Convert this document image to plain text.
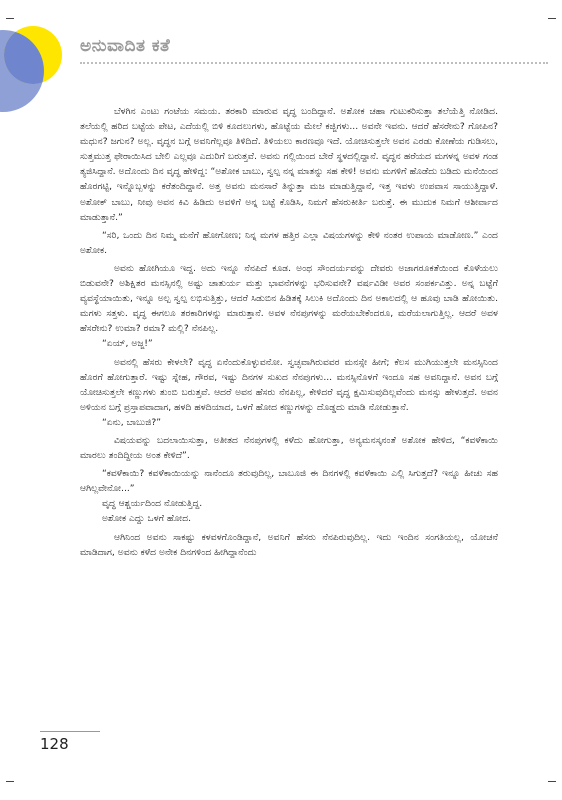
ಅನುವಾದಿತ ಕತೆ

ಬೆಳಗಿನ ಎಂಟು ಗಂಟೆಯ ಸಮಯ. ತರಕಾರಿ ಮಾರುವ ವೃದ್ಧ ಬಂದಿದ್ದಾನೆ. ಅಶೋಕ ಚಹಾ ಗುಟುಕರಿಸುತ್ತಾ ತಲೆಯೆತ್ತಿ ನೋಡಿದ. ತಲೆಯಲ್ಲಿ ಹರಿದ ಬಟ್ಟೆಯ ಪೇಟ, ಎದೆಯಲ್ಲಿ ಬಿಳಿ ಕೂದಲುಗಳು, ಹೊಟ್ಟೆಯ ಮೇಲೆ ಕಜ್ಜಿಗಳು... ಅವನೇ ಇವನು. ಆದರೆ ಹೆಸರೇನು? ಗೋಪಿನ? ಮಧುನ? ಜಗುನ? ಅಲ್ಲ. ವೃದ್ಧನ ಬಗ್ಗೆ ಅವನಿಗೆಲ್ಲವೂ ತಿಳಿದಿದೆ. ತಿಳಿಯಲು ಕಾರಣವೂ ಇದೆ. ಯೋಚಿಸುತ್ತಲೇ ಅವನ ಎರಡು ಕೋಣೆಯ ಗುಡಿಸಲು, ಸುತ್ತಮುತ್ತ ಫೇರಾಯಿಸಿದ ಬೇಲಿ ಎಲ್ಲವೂ ಎದುರಿಗೆ ಬರುತ್ತವೆ. ಅವನು ಗಲ್ಲಿಯಿಂದ ಬೇರೆ ಸ್ಥಳದಲ್ಲಿದ್ದಾನೆ. ವೃದ್ಧನ ಹರೆಯದ ಮಗಳನ್ನ ಅವಳ ಗಂಡ ತ್ಯಜಿಸಿದ್ದಾನೆ. ಅದೊಂದು ದಿನ ವೃದ್ಧ ಹೇಳಿದ್ದ: “ಅಶೋಕ ಬಾಬು, ಸ್ವಲ್ಪ ನನ್ನ ಮಾತನ್ನು ಸಹ ಕೇಳಿ! ಅವನು ಮಗಳಿಗೆ ಹೊಡೆದು ಬಡಿದು ಮನೆಯಿಂದ ಹೊರಗಟ್ಟಿ, ಇನ್ನೊಬ್ಬಳನ್ನು ಕರೆತಂದಿದ್ದಾನೆ. ಅತ್ತ ಅವನು ಮನಸಾರೆ ತಿನ್ನುತ್ತಾ ಮಜ ಮಾಡುತ್ತಿದ್ದಾನೆ, ಇತ್ತ ಇವಳು ಉಪವಾಸ ಸಾಯುತ್ತಿದ್ದಾಳೆ. ಅಶೋಕ್ ಬಾಬು, ನೀವು ಅವನ ಕಿವಿ ಹಿಡಿದು ಅವಳಿಗೆ ಅನ್ನ ಬಟ್ಟೆ ಕೊಡಿಸಿ, ನಿಮಗೆ ಹೆಸರುಕೀರ್ತಿ ಬರುತ್ತೆ. ಈ ಮುದುಕ ನಿಮಗೆ ಆಶೀರ್ವಾದ ಮಾಡುತ್ತಾನೆ.”

“ಸರಿ, ಒಂದು ದಿನ ನಿಮ್ಮ ಮನೆಗೆ ಹೋಗೋಣ; ನಿನ್ನ ಮಗಳ ಹತ್ತಿರ ಎಲ್ಲಾ ವಿಷಯಗಳನ್ನು ಕೇಳಿ ನಂತರ ಉಪಾಯ ಮಾಡೋಣ.” ಎಂದ ಅಶೋಕ.

ಅವನು ಹೋಗಿಯೂ ಇದ್ದ. ಅದು ಇನ್ನೂ ನೆನಪಿದೆ ಕೂಡ. ಅಂಥ ಸೌಂದರ್ಯವನ್ನು ದೇವರು ಅಜಾಗರೂಕತೆಯಿಂದ ಕೊಳೆಯಲು ಬಿಡುವನೇ? ಅಶಿಕ್ಷಿತರ ಮನಸ್ಸಿನಲ್ಲಿ ಅಷ್ಟು ಚಾತುರ್ಯ ಮತ್ತು ಭಾವನೆಗಳನ್ನು ಭರಿಸುವನೇ? ವರ್ಷವಿಡೀ ಅವರ ಸಂಪರ್ಕವಿತ್ತು. ಅನ್ನ ಬಟ್ಟೆಗೆ ವ್ಯವಸ್ಥೆಯಾಯಿತು, ಇನ್ನೂ ಅಲ್ಪ ಸ್ವಲ್ಪ ಲಭಿಸುತ್ತಿತ್ತು, ಆದರೆ ಸಿಡುಬಿನ ಹಿಡಿತಕ್ಕೆ ಸಿಲುಕಿ ಅದೊಂದು ದಿನ ಅಕಾಲದಲ್ಲಿ ಆ ಹೂವು ಬಾಡಿ ಹೋಯಿತು. ಮಗಳು ಸತ್ತಳು. ವೃದ್ಧ ಈಗಲೂ ತರಕಾರಿಗಳನ್ನು ಮಾರುತ್ತಾನೆ. ಅವಳ ನೆನಪುಗಳನ್ನು ಮರೆಯಬೇಕೆಂದರೂ, ಮರೆಯಲಾಗುತ್ತಿಲ್ಲ. ಆದರೆ ಅವಳ ಹೆಸರೇನು? ಉಮಾ? ರಮಾ? ಮಲ್ಲಿ? ನೆನಪಿಲ್ಲ.

“ಏಯ್, ಅಜ್ಜ!”

ಅವನಲ್ಲಿ ಹೆಸರು ಕೇಳಲೇ? ವೃದ್ಧ ಏನೆಂದುಕೊಳ್ಳುವನೋ. ಸ್ವಚ್ಛವಾಗಿರುವವರ ಮನಸ್ಸೇ ಹೀಗೆ; ಕೆಲಸ ಮುಗಿಯುತ್ತಲೇ ಮನಸ್ಸಿನಿಂದ ಹೊರಗೆ ಹೋಗುತ್ತಾರೆ. ಇಷ್ಟು ಸ್ನೇಹ, ಗೌರವ, ಇಷ್ಟು ದಿನಗಳ ಸುಖದ ನೆನಪುಗಳು... ಮನಸ್ಸಿನೊಳಗೆ ಇಂದೂ ಸಹ ಅವನಿದ್ದಾನೆ. ಅವನ ಬಗ್ಗೆ ಯೋಚಿಸುತ್ತಲೇ ಕಣ್ಣುಗಳು ತುಂಬಿ ಬರುತ್ತವೆ. ಆದರೆ ಅವನ ಹೆಸರು ನೆನಪಿಲ್ಲ, ಕೇಳಿದರೆ ವೃದ್ಧ ಕ್ಷಮಿಸುವುದಿಲ್ಲವೆಂದು ಮನಸ್ಸು ಹೇಳುತ್ತದೆ. ಅವನ ಅಳಿಯನ ಬಗ್ಗೆ ಪ್ರಸ್ತಾಪವಾದಾಗ, ಹಳದಿ ಹಳದಿಯಾದ, ಒಳಗೆ ಹೋದ ಕಣ್ಣುಗಳನ್ನು ದೊಡ್ಡದು ಮಾಡಿ ನೋಡುತ್ತಾನೆ.

“ಏನು, ಬಾಬುಜಿ?”

ವಿಷಯವನ್ನು ಬದಲಾಯಿಸುತ್ತಾ, ಅತೀತದ ನೆನಪುಗಳಲ್ಲಿ ಕಳೆದು ಹೋಗುತ್ತಾ, ಅನ್ಯಮನಸ್ಕನಂತೆ ಅಶೋಕ ಹೇಳಿದ, “ಕವಳೆಕಾಯಿ ಮಾರಲು ತಂದಿದ್ದೀಯ ಅಂತ ಕೇಳಿದೆ”.

“ಕವಳೆಕಾಯಿ? ಕವಳೆಕಾಯಿಯನ್ನು ನಾನೆಂದೂ ತರುವುದಿಲ್ಲ, ಬಾಬೂಜಿ ಈ ದಿನಗಳಲ್ಲಿ ಕವಳೆಕಾಯಿ ಎಲ್ಲಿ ಸಿಗುತ್ತದೆ? ಇನ್ನೂ ಹೀಚು ಸಹ ಆಗಿಲ್ಲವೇನೋ...”

ವೃದ್ಧ ಆಶ್ಚರ್ಯದಿಂದ ನೋಡುತ್ತಿದ್ದ.

ಅಶೋಕ ಎದ್ದು ಒಳಗೆ ಹೋದ.

ಆಗಿನಿಂದ ಅವನು ಸಾಕಷ್ಟು ಕಳವಳಗೊಂಡಿದ್ದಾನೆ, ಅವನಿಗೆ ಹೆಸರು ನೆನಪಿರುವುದಿಲ್ಲ. ಇದು ಇಂದಿನ ಸಂಗತಿಯಲ್ಲ, ಯೋಚನೆ ಮಾಡಿದಾಗ, ಅವನು ಕಳೆದ ಅನೇಕ ದಿನಗಳಿಂದ ಹೀಗಿದ್ದಾನೆಂದು

128
